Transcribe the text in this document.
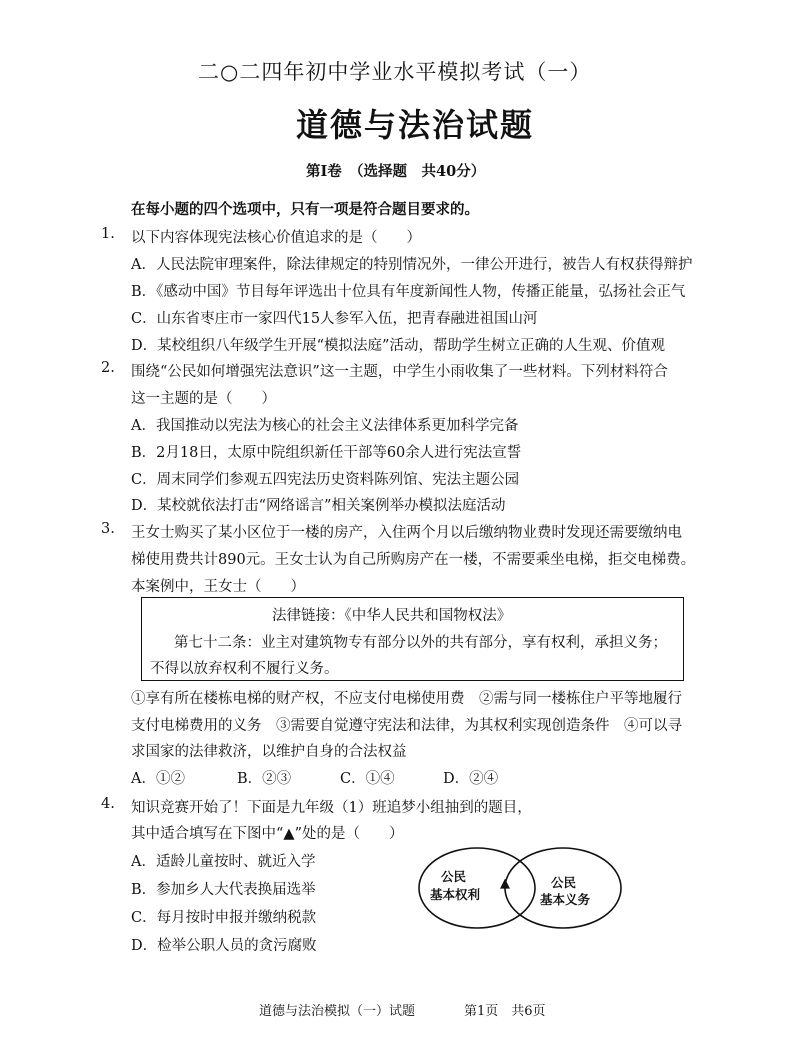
二○二四年初中学业水平模拟考试（一）
道德与法治试题
第Ⅰ卷　（选择题　共40分）
在每小题的四个选项中，只有一项是符合题目要求的。
1. 以下内容体现宪法核心价值追求的是（　　）
A．人民法院审理案件，除法律规定的特别情况外，一律公开进行，被告人有权获得辩护
B．《感动中国》节目每年评选出十位具有年度新闻性人物，传播正能量，弘扬社会正气
C．山东省枣庄市一家四代15人参军入伍，把青春融进祖国山河
D．某校组织八年级学生开展“模拟法庭”活动，帮助学生树立正确的人生观、价值观
2. 围绕“公民如何增强宪法意识”这一主题，中学生小雨收集了一些材料。下列材料符合
这一主题的是（　　）
A．我国推动以宪法为核心的社会主义法律体系更加科学完备
B．2月18日，太原中院组织新任干部等60余人进行宪法宣誓
C．周末同学们参观五四宪法历史资料陈列馆、宪法主题公园
D．某校就依法打击“网络谣言”相关案例举办模拟法庭活动
3. 王女士购买了某小区位于一楼的房产，入住两个月以后缴纳物业费时发现还需要缴纳电
梯使用费共计890元。王女士认为自己所购房产在一楼，不需要乘坐电梯，拒交电梯费。
本案例中，王女士（　　）
法律链接：《中华人民共和国物权法》
第七十二条：业主对建筑物专有部分以外的共有部分，享有权利，承担义务；
不得以放弃权利不履行义务。
①享有所在楼栋电梯的财产权，不应支付电梯使用费　②需与同一楼栋住户平等地履行
支付电梯费用的义务　③需要自觉遵守宪法和法律，为其权利实现创造条件　④可以寻
求国家的法律救济，以维护自身的合法权益
A．①②	B．②③	C．①④	D．②④
4. 知识竞赛开始了！下面是九年级（1）班追梦小组抽到的题目，
其中适合填写在下图中“▲”处的是（　　）
A．适龄儿童按时、就近入学
B．参加乡人大代表换届选举
C．每月按时申报并缴纳税款
D．检举公职人员的贪污腐败
公民
基本权利
▲	公民
基本义务
道德与法治模拟（一）试题	第1页　共6页
